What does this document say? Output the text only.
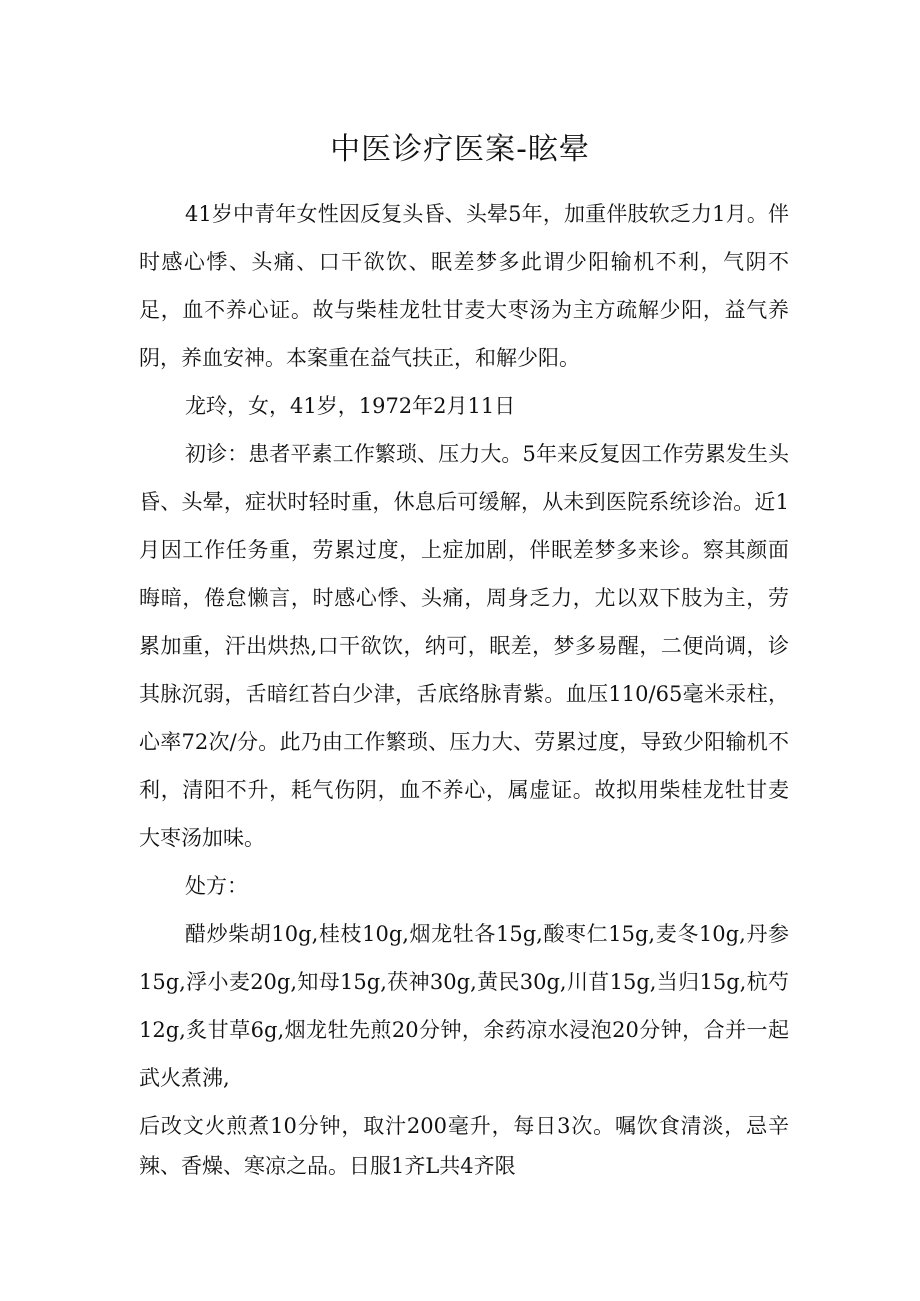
中医诊疗医案-眩晕

41岁中青年女性因反复头昏、头晕5年，加重伴肢软乏力1月。伴时感心悸、头痛、口干欲饮、眠差梦多此谓少阳输机不利，气阴不足，血不养心证。故与柴桂龙牡甘麦大枣汤为主方疏解少阳，益气养阴，养血安神。本案重在益气扶正，和解少阳。

龙玲，女，41岁，1972年2月11日

初诊：患者平素工作繁琐、压力大。5年来反复因工作劳累发生头昏、头晕，症状时轻时重，休息后可缓解，从未到医院系统诊治。近1月因工作任务重，劳累过度，上症加剧，伴眠差梦多来诊。察其颜面晦暗，倦怠懒言，时感心悸、头痛，周身乏力，尤以双下肢为主，劳累加重，汗出烘热,口干欲饮，纳可，眠差，梦多易醒，二便尚调，诊其脉沉弱，舌暗红苔白少津，舌底络脉青紫。血压110/65毫米汞柱，心率72次/分。此乃由工作繁琐、压力大、劳累过度，导致少阳输机不利，清阳不升，耗气伤阴，血不养心，属虚证。故拟用柴桂龙牡甘麦大枣汤加味。

处方：

醋炒柴胡10g,桂枝10g,烟龙牡各15g,酸枣仁15g,麦冬10g,丹参15g,浮小麦20g,知母15g,茯神30g,黄民30g,川苜15g,当归15g,杭芍12g,炙甘草6g,烟龙牡先煎20分钟，余药凉水浸泡20分钟，合并一起武火煮沸,

后改文火煎煮10分钟，取汁200毫升，每日3次。嘱饮食清淡，忌辛辣、香燥、寒凉之品。日服1齐L共4齐限
